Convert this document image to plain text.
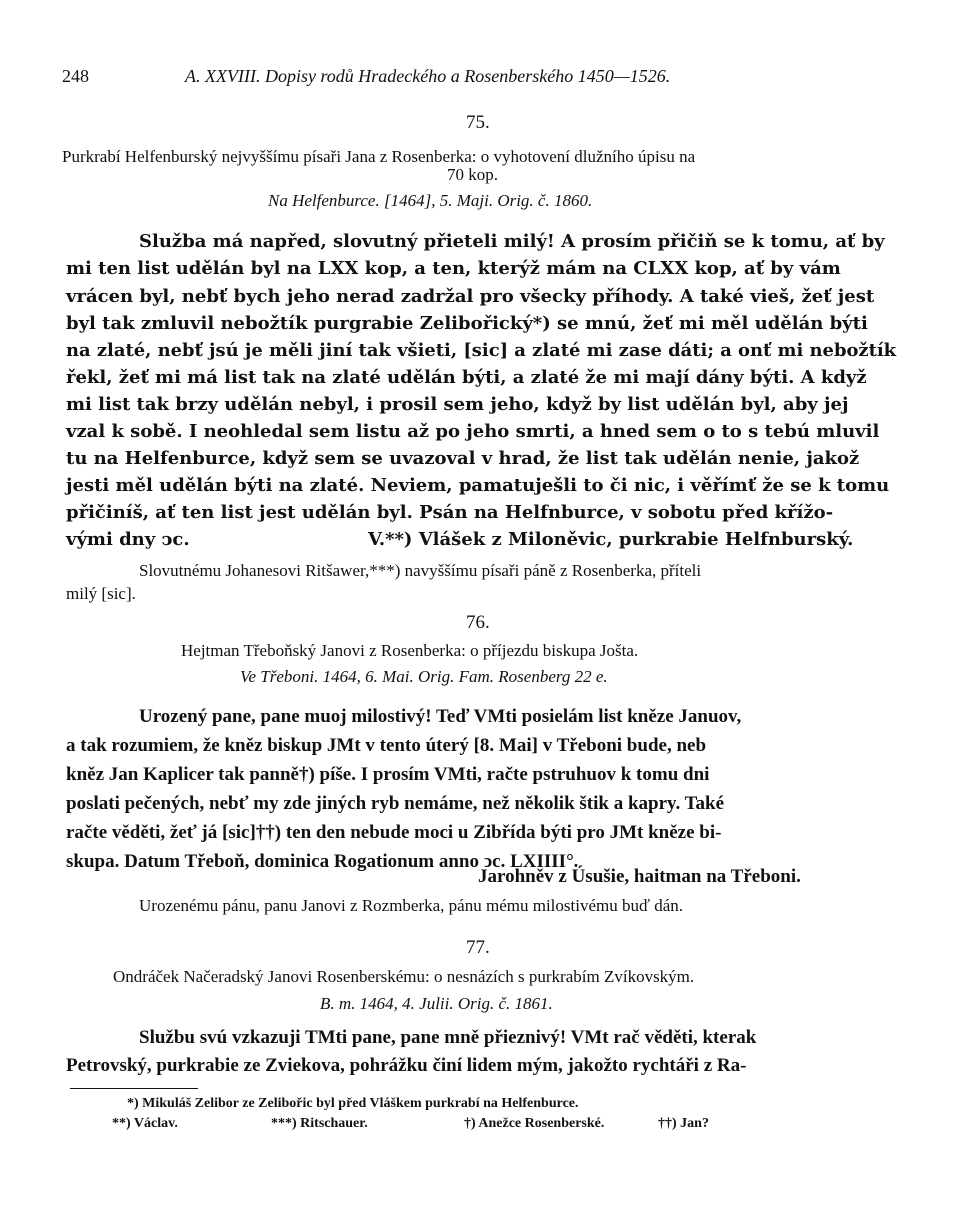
248	A. XXVIII. Dopisy rodů Hradeckého a Rosenberského 1450—1526.
75.
Purkrabí Helfenburský nejvyššímu písaři Jana z Rosenberka: o vyhotovení dlužního úpisu na
70 kop.
Na Helfenburce. [1464], 5. Maji. Orig. č. 1860.
Služba má napřed, slovutný přieteli milý! A prosím přičiň se k tomu, ať by
mi ten list udělán byl na LXX kop, a ten, kterýž mám na CLXX kop, ať by vám
vrácen byl, nebť bych jeho nerad zadržal pro všecky příhody. A také vieš, žeť jest
byl tak zmluvil nebožtík purgrabie Zelibořický*) se mnú, žeť mi měl udělán býti
na zlaté, nebť jsú je měli jiní tak všieti, [sic] a zlaté mi zase dáti; a onť mi nebožtík
řekl, žeť mi má list tak na zlaté udělán býti, a zlaté že mi mají dány býti. A když
mi list tak brzy udělán nebyl, i prosil sem jeho, když by list udělán byl, aby jej
vzal k sobě. I neohledal sem listu až po jeho smrti, a hned sem o to s tebú mluvil
tu na Helfenburce, když sem se uvazoval v hrad, že list tak udělán nenie, jakož
jesti měl udělán býti na zlaté. Neviem, pamatuješli to či nic, i věřímť že se k tomu
přičiníš, ať ten list jest udělán byl. Psán na Helfnburce, v sobotu před křížo-
vými dny ↄc.	V.**) Vlášek z Miloněvic, purkrabie Helfnburský.
Slovutnému Johanesovi Ritšawer,***) navyššímu písaři páně z Rosenberka, příteli
milý [sic].
76.
Hejtman Třeboňský Janovi z Rosenberka: o příjezdu biskupa Jošta.
Ve Třeboni. 1464, 6. Mai. Orig. Fam. Rosenberg 22 e.
Urozený pane, pane muoj milostivý! Teď VMti posielám list kněze Januov,
a tak rozumiem, že kněz biskup JMt v tento úterý [8. Mai] v Třeboni bude, neb
kněz Jan Kaplicer tak panně†) píše. I prosím VMti, račte pstruhuov k tomu dni
poslati pečených, nebť my zde jiných ryb nemáme, než několik štik a kapry. Také
račte věděti, žeť já [sic]††) ten den nebude moci u Zibřída býti pro JMt kněze bi-
skupa. Datum Třeboň, dominica Rogationum anno ↄc. LXIIII°.
Jarohněv z Úsušie, haitman na Třeboni.
Urozenému pánu, panu Janovi z Rozmberka, pánu mému milostivému buď dán.
77.
Ondráček Načeradský Janovi Rosenberskému: o nesnázích s purkrabím Zvíkovským.
B. m. 1464, 4. Julii. Orig. č. 1861.
Službu svú vzkazuji TMti pane, pane mně přieznivý! VMt rač věděti, kterak
Petrovský, purkrabie ze Zviekova, pohrážku činí lidem mým, jakožto rychtáři z Ra-
*) Mikuláš Zelibor ze Zelibořic byl před Vláškem purkrabí na Helfenburce.
**) Václav.	***) Ritschauer.	†) Anežce Rosenberské.	††) Jan?
